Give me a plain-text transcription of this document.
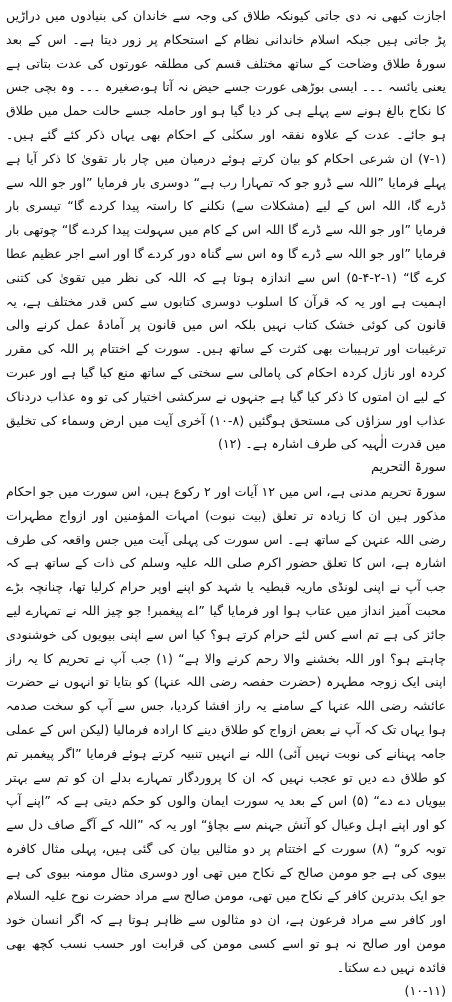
اجازت کبھی نہ دی جاتی کیونکہ طلاق کی وجہ سے خاندان کی بنیادوں میں دراڑیں پڑ جاتی ہیں جبکہ اسلام خاندانی نظام کے استحکام پر زور دیتا ہے۔ اس کے بعد سورۂ طلاق وضاحت کے ساتھ مختلف قسم کی مطلقہ عورتوں کی عدت بتاتی ہے یعنی یائسہ ۔۔۔ ایسی بوڑھی عورت جسے حیض نہ آتا ہو،صغیرہ ۔۔۔ وہ بچی جس کا نکاح بالغ ہونے سے پہلے ہی کر دیا گیا ہو اور حاملہ جسے حالت حمل میں طلاق ہو جائے۔ عدت کے علاوہ نفقہ اور سکنٰی کے احکام بھی یہاں ذکر کئے گئے ہیں۔ (۱-۷) ان شرعی احکام کو بیان کرتے ہوئے درمیان میں چار بار تقویٰ کا ذکر آیا ہے پہلے فرمایا ”اللہ سے ڈرو جو کہ تمہارا رب ہے“ دوسری بار فرمایا ”اور جو اللہ سے ڈرے گا، اللہ اس کے لیے (مشکلات سے) نکلنے کا راستہ پیدا کردے گا“ تیسری بار فرمایا ”اور جو اللہ سے ڈرے گا اللہ اس کے کام میں سہولت پیدا کردے گا“ چوتھی بار فرمایا ”اور جو اللہ سے ڈرے گا وہ اس سے گناہ دور کردے گا اور اسے اجر عظیم عطا کرے گا“ (۱-۲-۴-۵) اس سے اندازہ ہوتا ہے کہ اللہ کی نظر میں تقویٰ کی کتنی اہمیت ہے اور یہ کہ قرآن کا اسلوب دوسری کتابوں سے کس قدر مختلف ہے، یہ قانون کی کوئی خشک کتاب نہیں بلکہ اس میں قانون پر آمادۂ عمل کرنے والی ترغیبات اور ترہیبات بھی کثرت کے ساتھ ہیں۔ سورت کے اختتام پر اللہ کی مقرر کردہ اور نازل کردہ احکام کی پامالی سے سختی کے ساتھ منع کیا گیا ہے اور عبرت کے لیے ان امتوں کا ذکر کیا گیا ہے جنہوں نے سرکشی اختیار کی تو وہ عذاب دردناک عذاب اور سزاؤں کی مستحق ہوگئیں (۸-۱۰) آخری آیت میں ارض وسماء کی تخلیق میں قدرت الٰہیہ کی طرف اشارہ ہے۔ (۱۲)

سورۃ التحریم

سورۃ تحریم مدنی ہے، اس میں ۱۲ آیات اور ۲ رکوع ہیں، اس سورت میں جو احکام مذکور ہیں ان کا زیادہ تر تعلق (بیت نبوت) امہات المؤمنین اور ازواج مطہرات رضی اللہ عنہن کے ساتھ ہے۔ اس سورت کی پہلی آیت میں جس واقعہ کی طرف اشارہ ہے، اس کا تعلق حضور اکرم صلی اللہ علیہ وسلم کی ذات کے ساتھ ہے کہ جب آپ نے اپنی لونڈی ماریہ قبطیہ یا شہد کو اپنے اوپر حرام کرلیا تھا، چنانچہ بڑے محبت آمیز انداز میں عتاب ہوا اور فرمایا گیا ”اے پیغمبر! جو چیز اللہ نے تمہارے لیے جائز کی ہے تم اسے کس لئے حرام کرتے ہو؟ کیا اس سے اپنی بیویوں کی خوشنودی چاہتے ہو؟ اور اللہ بخشنے والا رحم کرنے والا ہے“ (۱) جب آپ نے تحریم کا یہ راز اپنی ایک زوجہ مطہرہ (حضرت حفصہ رضی اللہ عنہا) کو بتایا تو انہوں نے حضرت عائشہ رضی اللہ عنہا کے سامنے یہ راز افشا کردیا، جس سے آپ کو سخت صدمہ ہوا یہاں تک کہ آپ نے بعض ازواج کو طلاق دینے کا ارادہ فرمالیا (لیکن اس کے عملی جامہ پہنانے کی نوبت نہیں آئی) اللہ نے انہیں تنبیہ کرتے ہوئے فرمایا ”اگر پیغمبر تم کو طلاق دے دیں تو عجب نہیں کہ ان کا پروردگار تمہارے بدلے ان کو تم سے بہتر بیویاں دے دے“ (۵) اس کے بعد یہ سورت ایمان والوں کو حکم دیتی ہے کہ ”اپنے آپ کو اور اپنے اہل وعیال کو آتش جہنم سے بچاؤ“ اور یہ کہ ”اللہ کے آگے صاف دل سے توبہ کرو“ (۸) سورت کے اختتام پر دو مثالیں بیان کی گئی ہیں، پہلی مثال کافرہ بیوی کی ہے جو مومن صالح کے نکاح میں تھی اور دوسری مثال مومنہ بیوی کی ہے جو ایک بدترین کافر کے نکاح میں تھی، مومن صالح سے مراد حضرت نوح علیہ السلام اور کافر سے مراد فرعون ہے، ان دو مثالوں سے ظاہر ہوتا ہے کہ اگر انسان خود مومن اور صالح نہ ہو تو اسے کسی مومن کی قرابت اور حسب نسب کچھ بھی فائدہ نہیں دے سکتا۔

(۱۰-۱۱)
